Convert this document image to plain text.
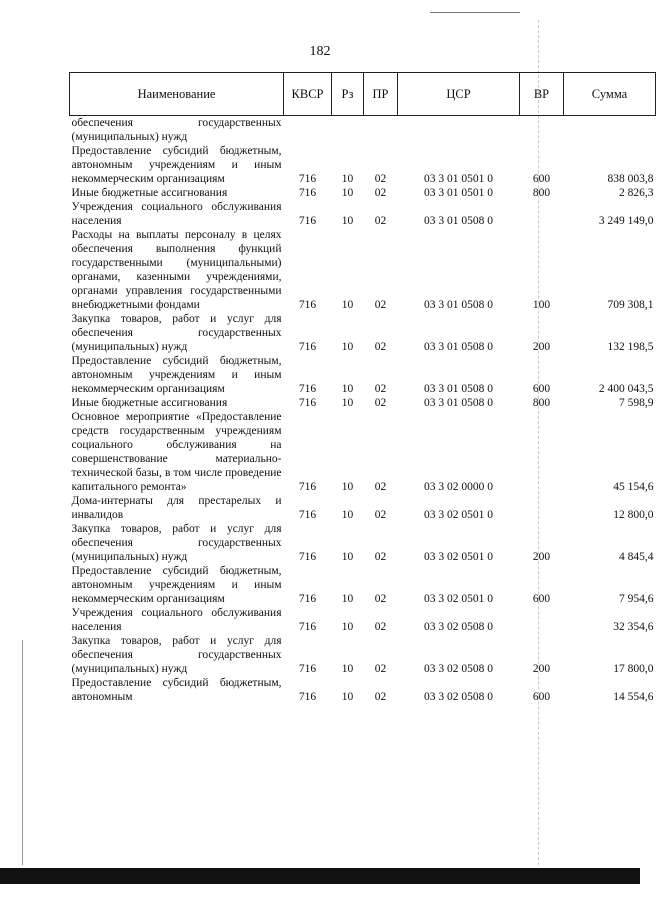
182
Наименование	КВСР	Рз	ПР	ЦСР	ВР	Сумма
обеспечения государственных (муниципальных) нужд						
Предоставление субсидий бюджетным, автономным учреждениям и иным некоммерческим организациям	716	10	02	03 3 01 0501 0	600	838 003,8
Иные бюджетные ассигнования	716	10	02	03 3 01 0501 0	800	2 826,3
Учреждения социального обслуживания населения	716	10	02	03 3 01 0508 0		3 249 149,0
Расходы на выплаты персоналу в целях обеспечения выполнения функций государственными (муниципальными) органами, казенными учреждениями, органами управления государственными внебюджетными фондами	716	10	02	03 3 01 0508 0	100	709 308,1
Закупка товаров, работ и услуг для обеспечения государственных (муниципальных) нужд	716	10	02	03 3 01 0508 0	200	132 198,5
Предоставление субсидий бюджетным, автономным учреждениям и иным некоммерческим организациям	716	10	02	03 3 01 0508 0	600	2 400 043,5
Иные бюджетные ассигнования	716	10	02	03 3 01 0508 0	800	7 598,9
Основное мероприятие «Предоставление средств государственным учреждениям социального обслуживания на совершенствование материально-технической базы, в том числе проведение капитального ремонта»	716	10	02	03 3 02 0000 0		45 154,6
Дома-интернаты для престарелых и инвалидов	716	10	02	03 3 02 0501 0		12 800,0
Закупка товаров, работ и услуг для обеспечения государственных (муниципальных) нужд	716	10	02	03 3 02 0501 0	200	4 845,4
Предоставление субсидий бюджетным, автономным учреждениям и иным некоммерческим организациям	716	10	02	03 3 02 0501 0	600	7 954,6
Учреждения социального обслуживания населения	716	10	02	03 3 02 0508 0		32 354,6
Закупка товаров, работ и услуг для обеспечения государственных (муниципальных) нужд	716	10	02	03 3 02 0508 0	200	17 800,0
Предоставление субсидий бюджетным, автономным	716	10	02	03 3 02 0508 0	600	14 554,6
